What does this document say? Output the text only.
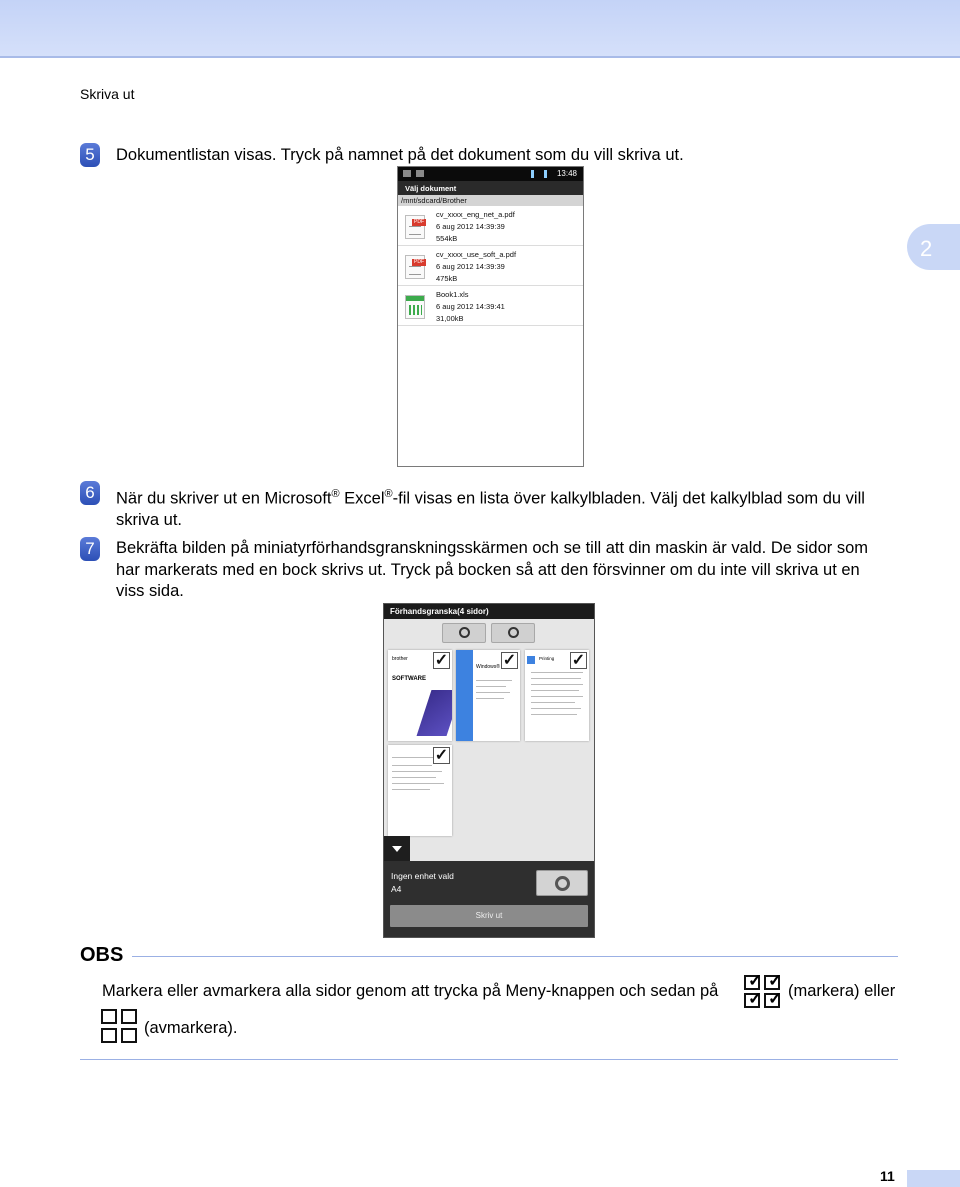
Skriva ut
2
5	Dokumentlistan visas. Tryck på namnet på det dokument som du vill skriva ut.
13:48
Välj dokument
/mnt/sdcard/Brother
PDF
cv_xxxx_eng_net_a.pdf
6 aug 2012 14:39:39
554kB
PDF
cv_xxxx_use_soft_a.pdf
6 aug 2012 14:39:39
475kB
Book1.xls
6 aug 2012 14:39:41
31,00kB
6	När du skriver ut en Microsoft® Excel®-fil visas en lista över kalkylbladen. Välj det kalkylblad som du vill
skriva ut.
7	Bekräfta bilden på miniatyrförhandsgranskningsskärmen och se till att din maskin är vald. De sidor som
har markerats med en bock skrivs ut. Tryck på bocken så att den försvinner om du inte vill skriva ut en
viss sida.
Förhandsgranska(4 sidor)
brother
SOFTWARE
✓	Windows® ✓	Printing ✓
✓
Ingen enhet vald
A4
Skriv ut
OBS
Markera eller avmarkera alla sidor genom att trycka på Meny-knappen och sedan på
✓ ✓
✓ ✓ (markera) eller
(avmarkera).
11
